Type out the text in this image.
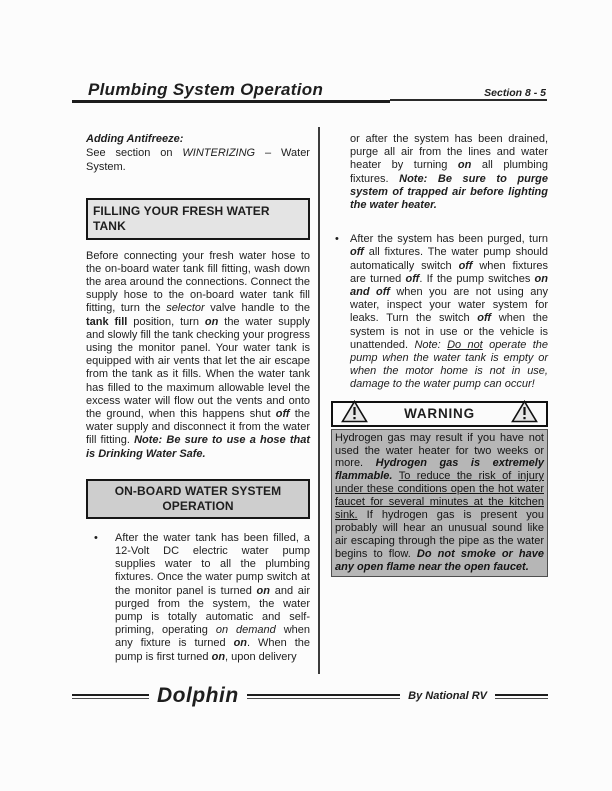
Plumbing System Operation	Section 8 - 5
Adding Antifreeze:
See section on WINTERIZING – Water System.
FILLING YOUR FRESH WATER TANK
Before connecting your fresh water hose to the on-board water tank fill fitting, wash down the area around the connections. Connect the supply hose to the on-board water tank fill fitting, turn the selector valve handle to the tank fill position, turn on the water supply and slowly fill the tank checking your progress using the monitor panel. Your water tank is equipped with air vents that let the air escape from the tank as it fills. When the water tank has filled to the maximum allowable level the excess water will flow out the vents and onto the ground, when this happens shut off the water supply and disconnect it from the water fill fitting. Note: Be sure to use a hose that is Drinking Water Safe.
ON-BOARD WATER SYSTEM OPERATION
•	After the water tank has been filled, a 12-Volt DC electric water pump supplies water to all the plumbing fixtures. Once the water pump switch at the monitor panel is turned on and air purged from the system, the water pump is totally automatic and self-priming, operating on demand when any fixture is turned on. When the pump is first turned on, upon delivery
or after the system has been drained, purge all air from the lines and water heater by turning on all plumbing fixtures. Note: Be sure to purge system of trapped air before lighting the water heater.
•	After the system has been purged, turn off all fixtures. The water pump should automatically switch off when fixtures are turned off. If the pump switches on and off when you are not using any water, inspect your water system for leaks. Turn the switch off when the system is not in use or the vehicle is unattended. Note: Do not operate the pump when the water tank is empty or when the motor home is not in use, damage to the water pump can occur!
WARNING
Hydrogen gas may result if you have not used the water heater for two weeks or more. Hydrogen gas is extremely flammable. To reduce the risk of injury under these conditions open the hot water faucet for several minutes at the kitchen sink. If hydrogen gas is present you probably will hear an unusual sound like air escaping through the pipe as the water begins to flow. Do not smoke or have any open flame near the open faucet.
Dolphin	By National RV
